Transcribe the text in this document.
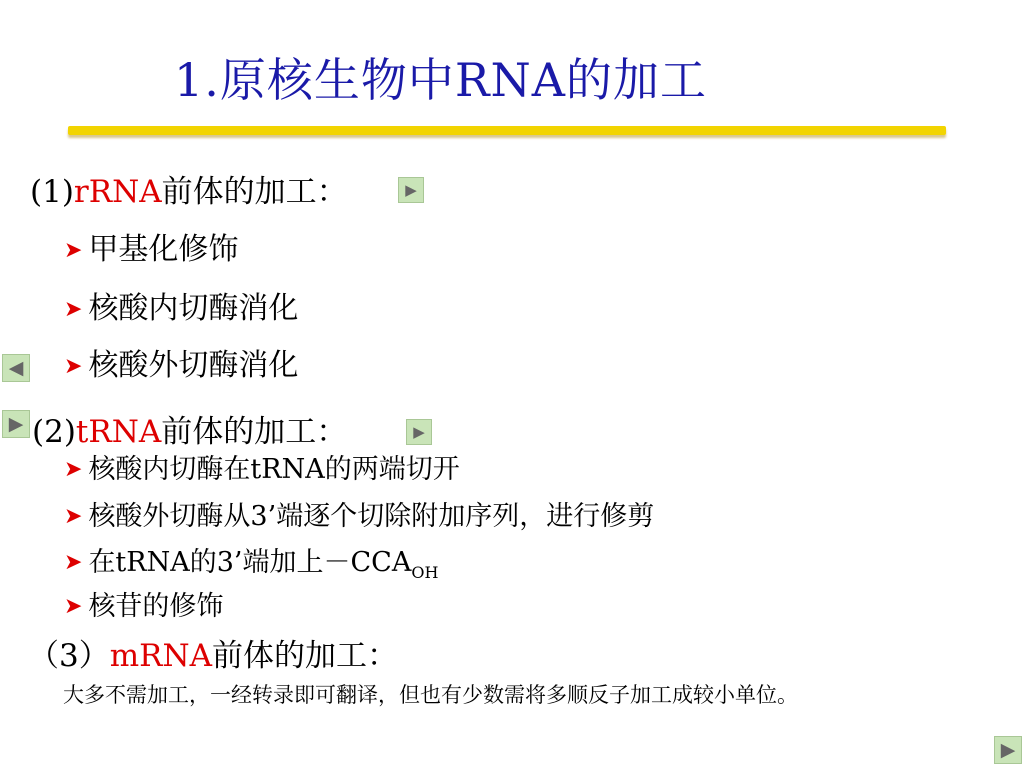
1.原核生物中RNA的加工
(1)rRNA前体的加工：	▶
➤ 甲基化修饰
➤ 核酸内切酶消化
➤ 核酸外切酶消化
◀
▶ (2)tRNA前体的加工：	▶
➤ 核酸内切酶在tRNA的两端切开
➤ 核酸外切酶从3’端逐个切除附加序列，进行修剪
➤ 在tRNA的3’端加上$-CCA_{OH}$
➤ 核苷的修饰
（3）mRNA前体的加工：
大多不需加工，一经转录即可翻译，但也有少数需将多顺反子加工成较小单位。
▶
